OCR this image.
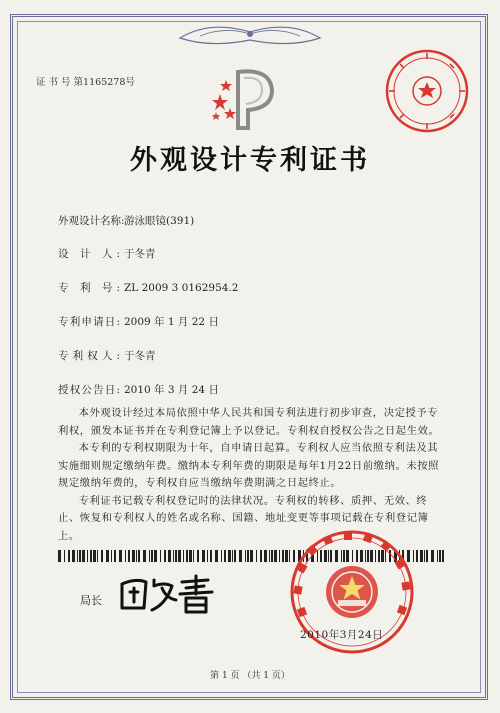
证 书 号 第1165278号
外观设计专利证书
外观设计名称:游泳眼镜(391)
设 计 人: 于冬青
专 利 号: ZL 2009 3 0162954.2
专利申请日: 2009 年 1 月 22 日
专利权人: 于冬青
授权公告日: 2010 年 3 月 24 日

本外观设计经过本局依照中华人民共和国专利法进行初步审查，决定授予专利权，颁发本证书并在专利登记簿上予以登记。专利权自授权公告之日起生效。

本专利的专利权期限为十年，自申请日起算。专利权人应当依照专利法及其实施细则规定缴纳年费。缴纳本专利年费的期限是每年1月22日前缴纳。未按照规定缴纳年费的，专利权自应当缴纳年费期满之日起终止。

专利证书记载专利权登记时的法律状况。专利权的转移、质押、无效、终止、恢复和专利权人的姓名或名称、国籍、地址变更等事项记载在专利登记簿上。

局长
2010年3月24日
第 1 页 （共 1 页）
